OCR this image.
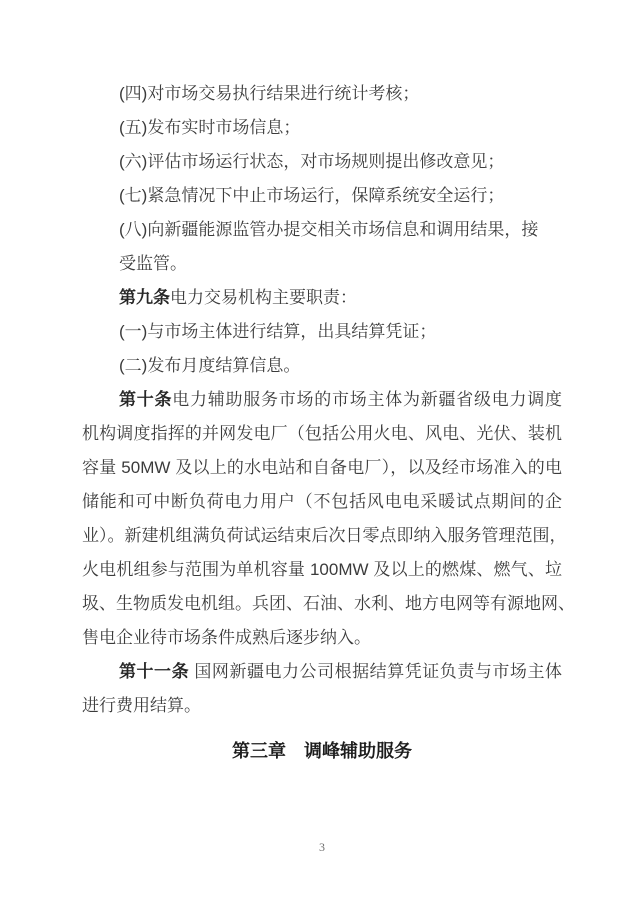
(四)对市场交易执行结果进行统计考核；

(五)发布实时市场信息；

(六)评估市场运行状态，对市场规则提出修改意见；

(七)紧急情况下中止市场运行，保障系统安全运行；

(八)向新疆能源监管办提交相关市场信息和调用结果，接

受监管。

第九条电力交易机构主要职责：

(一)与市场主体进行结算，出具结算凭证；

(二)发布月度结算信息。

第十条电力辅助服务市场的市场主体为新疆省级电力调度

机构调度指挥的并网发电厂（包括公用火电、风电、光伏、装机

容量 50MW 及以上的水电站和自备电厂），以及经市场准入的电

储能和可中断负荷电力用户（不包括风电电采暖试点期间的企

业）。新建机组满负荷试运结束后次日零点即纳入服务管理范围，

火电机组参与范围为单机容量 100MW 及以上的燃煤、燃气、垃

圾、生物质发电机组。兵团、石油、水利、地方电网等有源地网、

售电企业待市场条件成熟后逐步纳入。

第十一条 国网新疆电力公司根据结算凭证负责与市场主体

进行费用结算。

第三章　调峰辅助服务
3
